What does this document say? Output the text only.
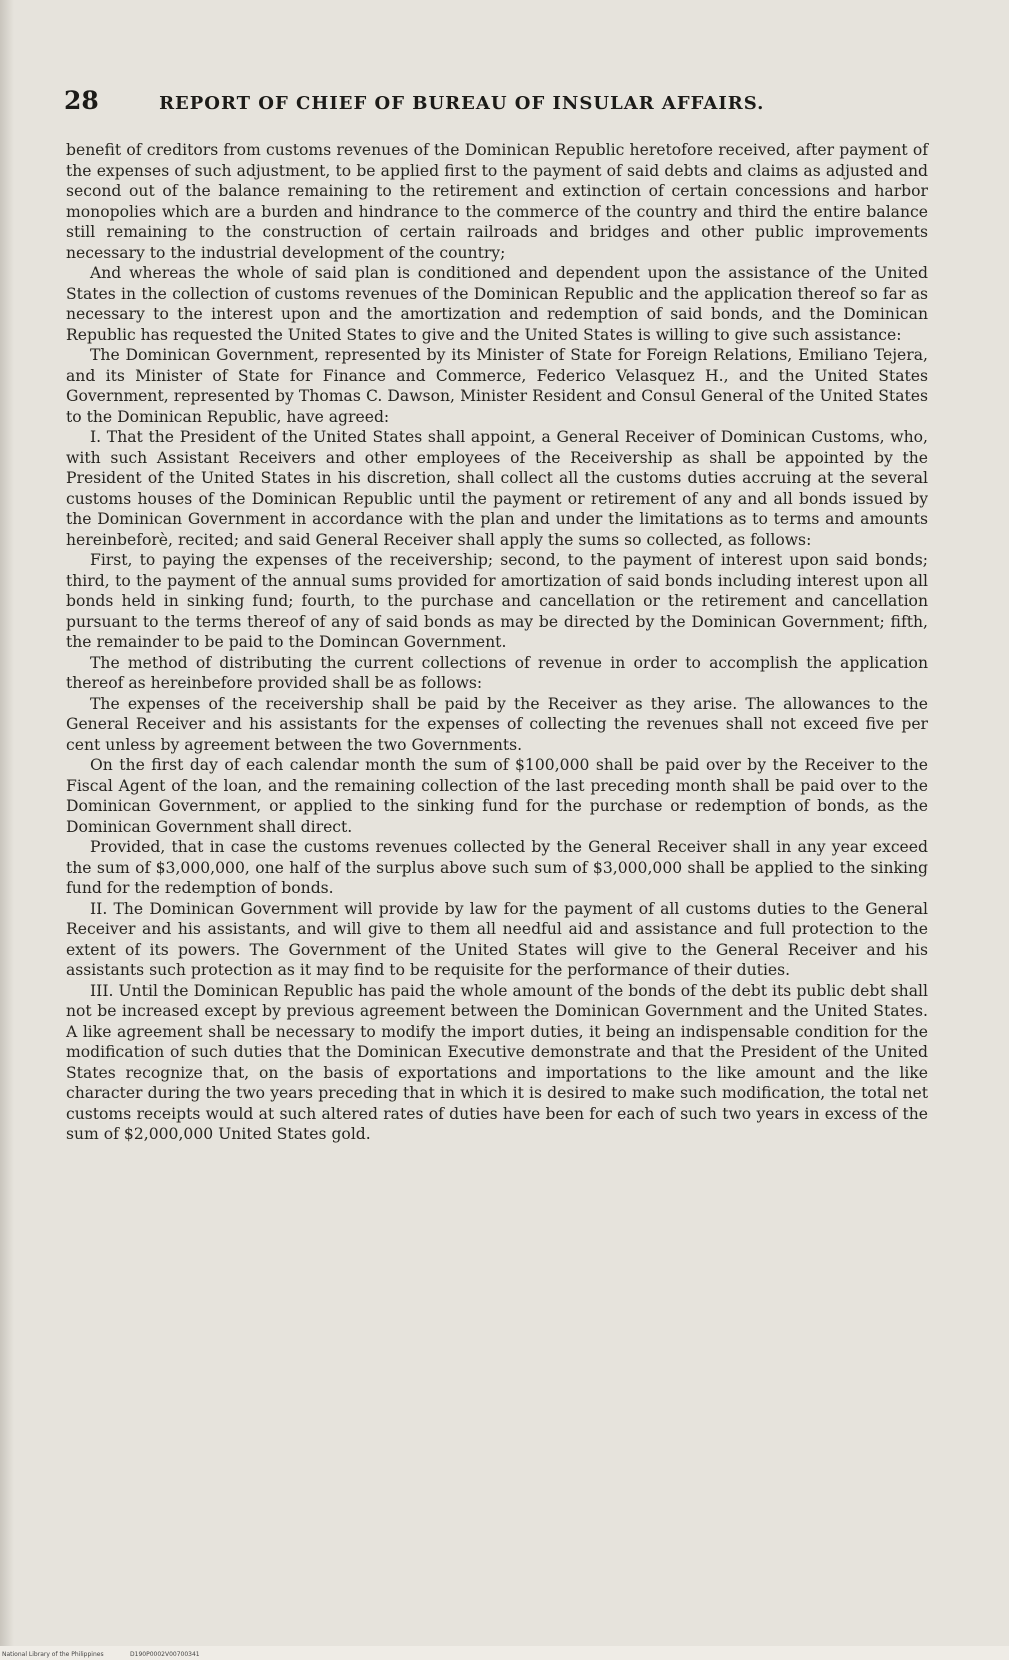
28	REPORT OF CHIEF OF BUREAU OF INSULAR AFFAIRS.

benefit of creditors from customs revenues of the Dominican Republic heretofore received, after payment of the expenses of such adjustment, to be applied first to the payment of said debts and claims as adjusted and second out of the balance remaining to the retirement and extinction of certain concessions and harbor monopolies which are a burden and hindrance to the commerce of the country and third the entire balance still remaining to the construction of certain railroads and bridges and other public improvements necessary to the industrial development of the country;

And whereas the whole of said plan is conditioned and dependent upon the assistance of the United States in the collection of customs revenues of the Dominican Republic and the application thereof so far as necessary to the interest upon and the amortization and redemption of said bonds, and the Dominican Republic has requested the United States to give and the United States is willing to give such assistance:

The Dominican Government, represented by its Minister of State for Foreign Relations, Emiliano Tejera, and its Minister of State for Finance and Commerce, Federico Velasquez H., and the United States Government, represented by Thomas C. Dawson, Minister Resident and Consul General of the United States to the Dominican Republic, have agreed:

I. That the President of the United States shall appoint, a General Receiver of Dominican Customs, who, with such Assistant Receivers and other employees of the Receivership as shall be appointed by the President of the United States in his discretion, shall collect all the customs duties accruing at the several customs houses of the Dominican Republic until the payment or retirement of any and all bonds issued by the Dominican Government in accordance with the plan and under the limitations as to terms and amounts hereinbeforè, recited; and said General Receiver shall apply the sums so collected, as follows:

First, to paying the expenses of the receivership; second, to the payment of interest upon said bonds; third, to the payment of the annual sums provided for amortization of said bonds including interest upon all bonds held in sinking fund; fourth, to the purchase and cancellation or the retirement and cancellation pursuant to the terms thereof of any of said bonds as may be directed by the Dominican Government; fifth, the remainder to be paid to the Domincan Government.

The method of distributing the current collections of revenue in order to accomplish the application thereof as hereinbefore provided shall be as follows:

The expenses of the receivership shall be paid by the Receiver as they arise. The allowances to the General Receiver and his assistants for the expenses of collecting the revenues shall not exceed five per cent unless by agreement between the two Governments.

On the first day of each calendar month the sum of $100,000 shall be paid over by the Receiver to the Fiscal Agent of the loan, and the remaining collection of the last preceding month shall be paid over to the Dominican Government, or applied to the sinking fund for the purchase or redemption of bonds, as the Dominican Government shall direct.

Provided, that in case the customs revenues collected by the General Receiver shall in any year exceed the sum of $3,000,000, one half of the surplus above such sum of $3,000,000 shall be applied to the sinking fund for the redemption of bonds.

II. The Dominican Government will provide by law for the payment of all customs duties to the General Receiver and his assistants, and will give to them all needful aid and assistance and full protection to the extent of its powers. The Government of the United States will give to the General Receiver and his assistants such protection as it may find to be requisite for the performance of their duties.

III. Until the Dominican Republic has paid the whole amount of the bonds of the debt its public debt shall not be increased except by previous agreement between the Dominican Government and the United States. A like agreement shall be necessary to modify the import duties, it being an indispensable condition for the modification of such duties that the Dominican Executive demonstrate and that the President of the United States recognize that, on the basis of exportations and importations to the like amount and the like character during the two years preceding that in which it is desired to make such modification, the total net customs receipts would at such altered rates of duties have been for each of such two years in excess of the sum of $2,000,000 United States gold.

National Library of the Philippines	D190P0002V00700341
